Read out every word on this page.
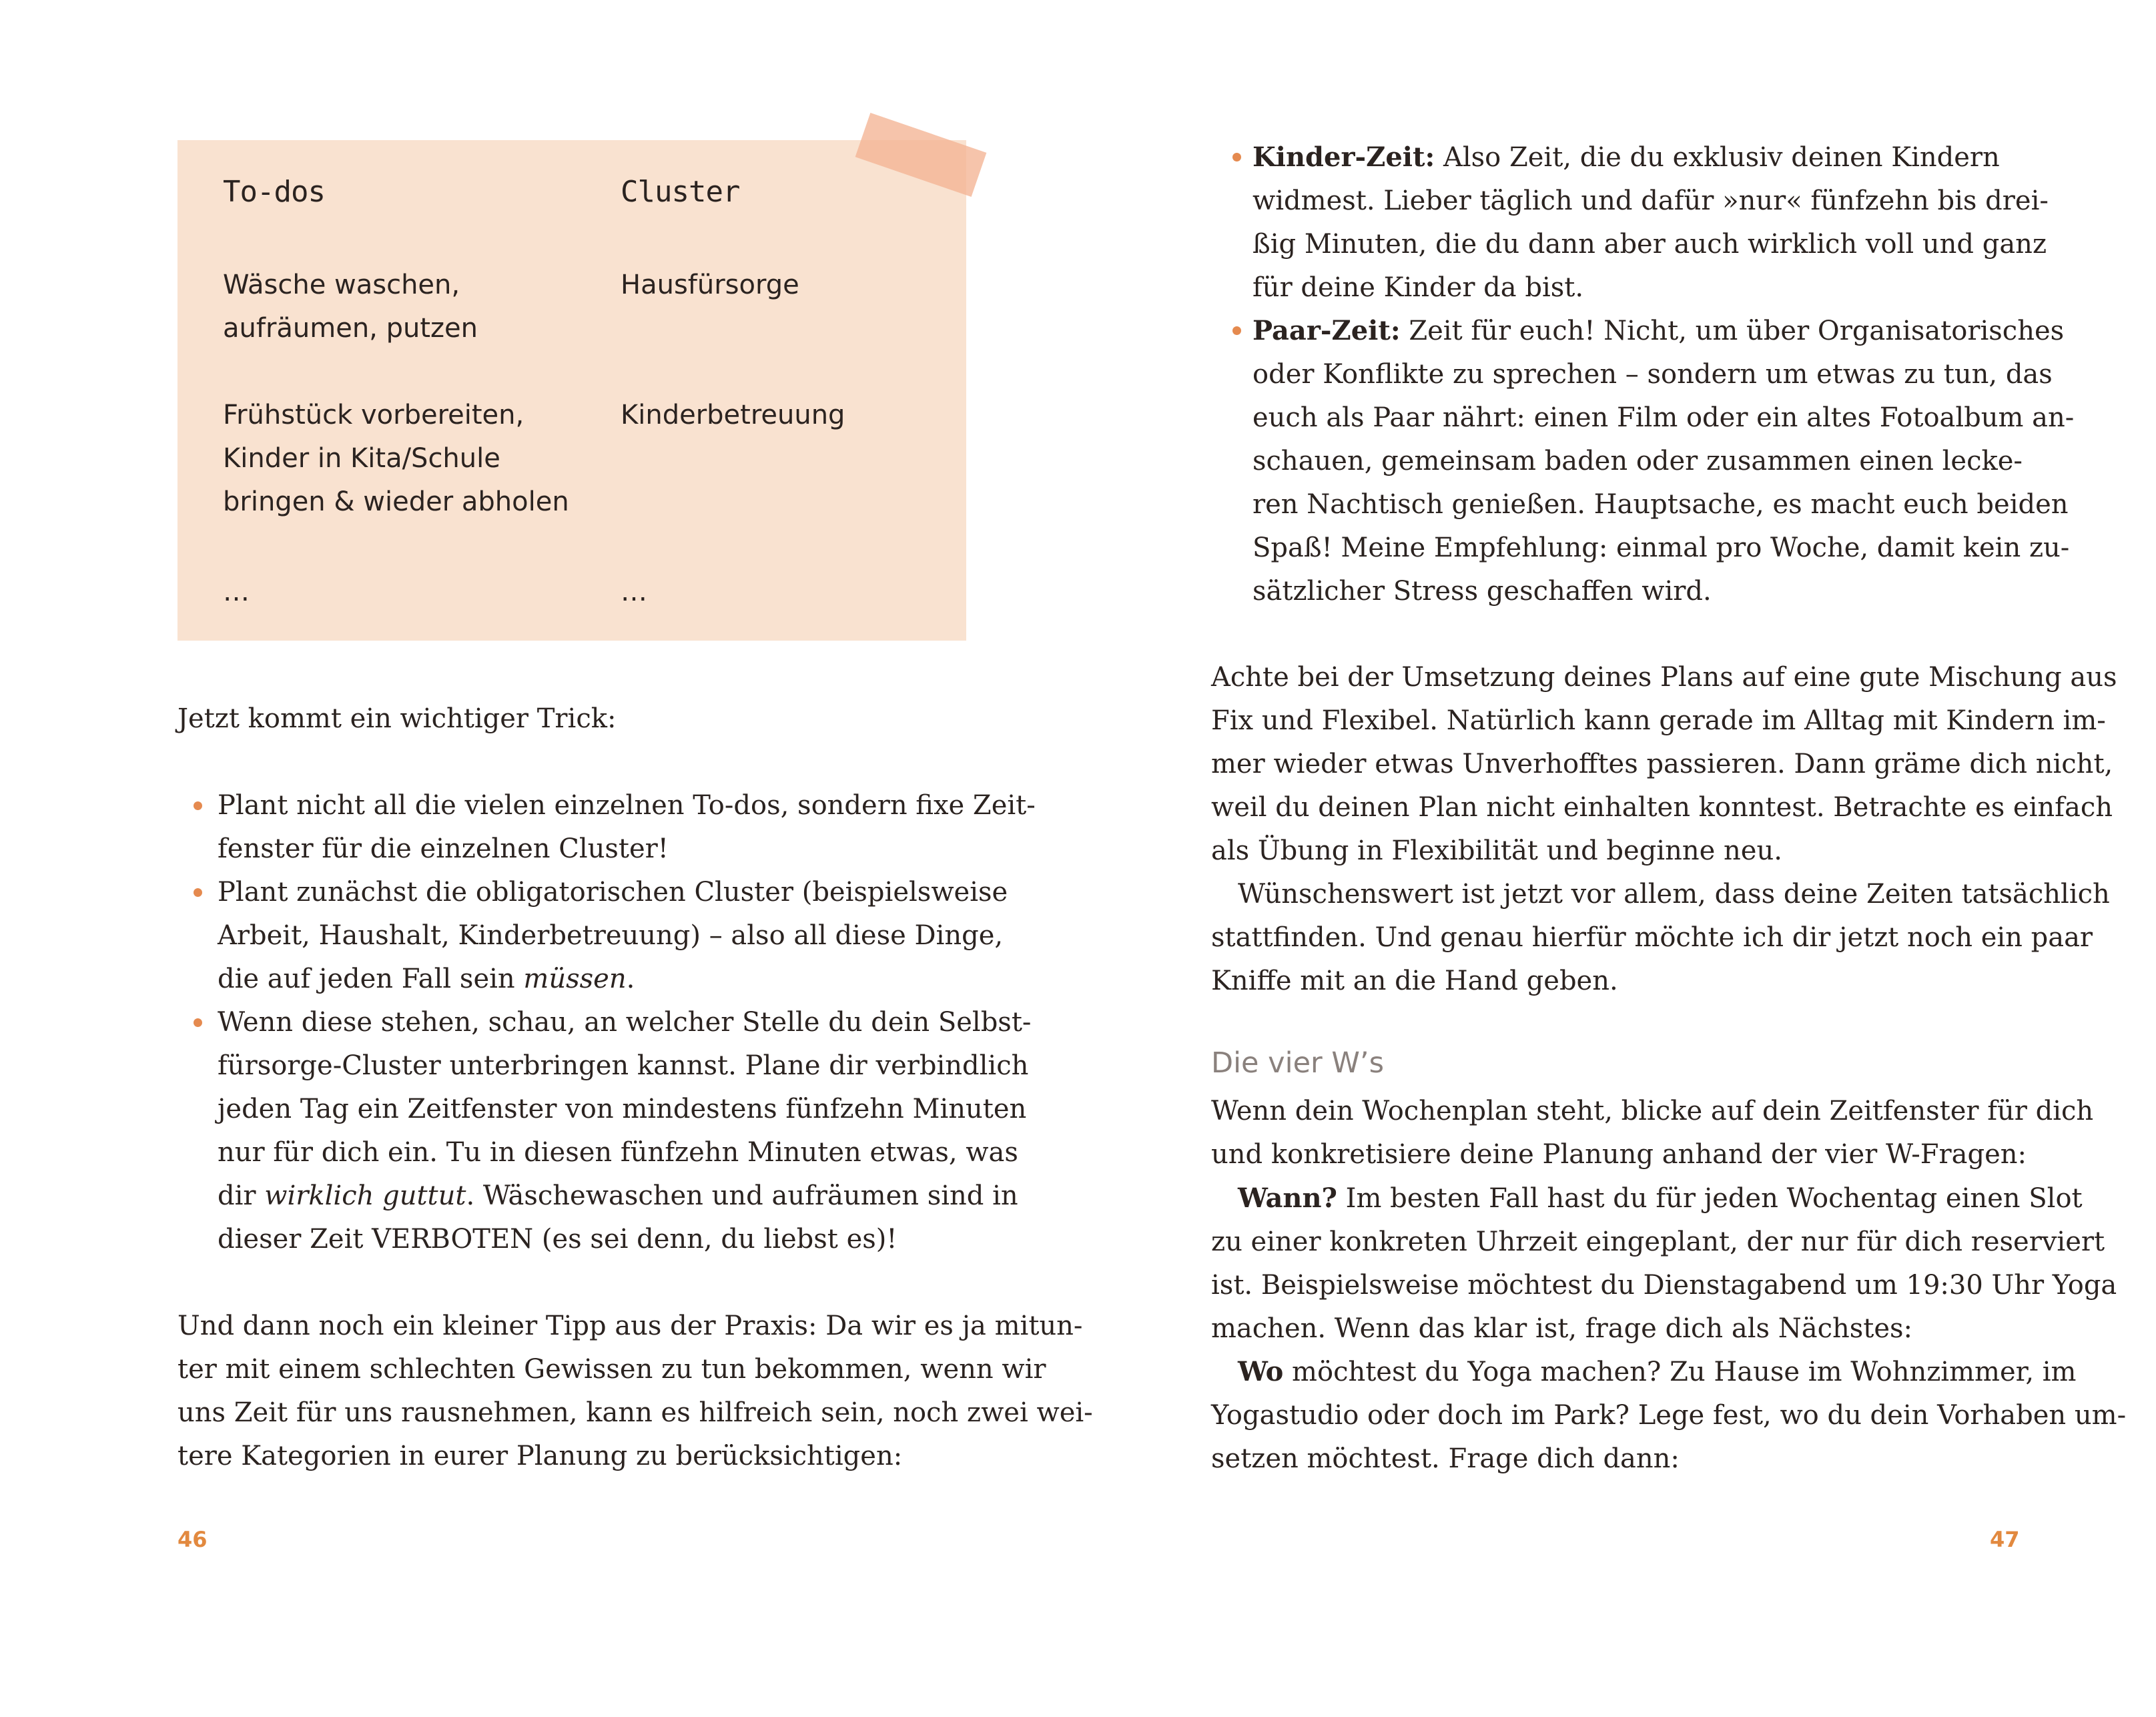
To-dos	Cluster
Wäsche waschen,
aufräumen, putzen
Hausfürsorge
Frühstück vorbereiten,
Kinder in Kita/Schule
bringen & wieder abholen
Kinderbetreuung
…	…
Jetzt kommt ein wichtiger Trick:
Plant nicht all die vielen einzelnen To-dos, sondern fixe Zeit-
fenster für die einzelnen Cluster!
Plant zunächst die obligatorischen Cluster (beispielsweise
Arbeit, Haushalt, Kinderbetreuung) – also all diese Dinge,
die auf jeden Fall sein müssen.
Wenn diese stehen, schau, an welcher Stelle du dein Selbst-
fürsorge-Cluster unterbringen kannst. Plane dir verbindlich
jeden Tag ein Zeitfenster von mindestens fünfzehn Minuten
nur für dich ein. Tu in diesen fünfzehn Minuten etwas, was
dir wirklich guttut. Wäschewaschen und aufräumen sind in
dieser Zeit VERBOTEN (es sei denn, du liebst es)!
Und dann noch ein kleiner Tipp aus der Praxis: Da wir es ja mitun-
ter mit einem schlechten Gewissen zu tun bekommen, wenn wir
uns Zeit für uns rausnehmen, kann es hilfreich sein, noch zwei wei-
tere Kategorien in eurer Planung zu berücksichtigen:
46
Kinder-Zeit: Also Zeit, die du exklusiv deinen Kindern
widmest. Lieber täglich und dafür »nur« fünfzehn bis drei-
ßig Minuten, die du dann aber auch wirklich voll und ganz
für deine Kinder da bist.
Paar-Zeit: Zeit für euch! Nicht, um über Organisatorisches
oder Konflikte zu sprechen – sondern um etwas zu tun, das
euch als Paar nährt: einen Film oder ein altes Fotoalbum an-
schauen, gemeinsam baden oder zusammen einen lecke-
ren Nachtisch genießen. Hauptsache, es macht euch beiden
Spaß! Meine Empfehlung: einmal pro Woche, damit kein zu-
sätzlicher Stress geschaffen wird.
Achte bei der Umsetzung deines Plans auf eine gute Mischung aus
Fix und Flexibel. Natürlich kann gerade im Alltag mit Kindern im-
mer wieder etwas Unverhofftes passieren. Dann gräme dich nicht,
weil du deinen Plan nicht einhalten konntest. Betrachte es einfach
als Übung in Flexibilität und beginne neu.
Wünschenswert ist jetzt vor allem, dass deine Zeiten tatsächlich
stattfinden. Und genau hierfür möchte ich dir jetzt noch ein paar
Kniffe mit an die Hand geben.
Die vier W’s
Wenn dein Wochenplan steht, blicke auf dein Zeitfenster für dich
und konkretisiere deine Planung anhand der vier W-Fragen:
Wann? Im besten Fall hast du für jeden Wochentag einen Slot
zu einer konkreten Uhrzeit eingeplant, der nur für dich reserviert
ist. Beispielsweise möchtest du Dienstagabend um 19:30 Uhr Yoga
machen. Wenn das klar ist, frage dich als Nächstes:
Wo möchtest du Yoga machen? Zu Hause im Wohnzimmer, im
Yogastudio oder doch im Park? Lege fest, wo du dein Vorhaben um-
setzen möchtest. Frage dich dann:
47
